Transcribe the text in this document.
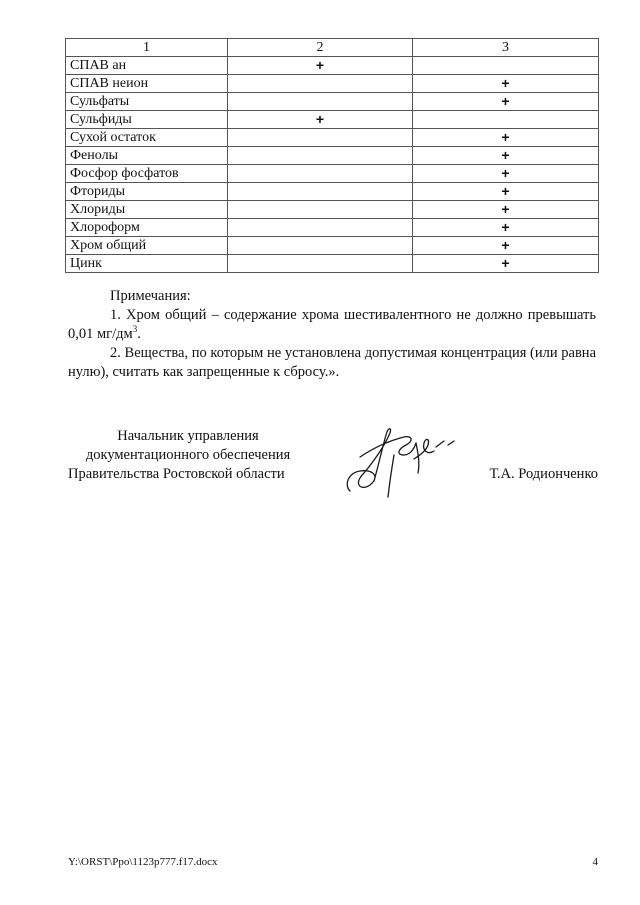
1	2	3
СПАВ ан	+	
СПАВ неион		+
Сульфаты		+
Сульфиды	+	
Сухой остаток		+
Фенолы		+
Фосфор фосфатов		+
Фториды		+
Хлориды		+
Хлороформ		+
Хром общий		+
Цинк		+

Примечания:

1. Хром общий – содержание хрома шестивалентного не должно превышать 0,01 $мг/дм^3$.

2. Вещества, по которым не установлена допустимая концентрация (или равна нулю), считать как запрещенные к сбросу.».

Начальник управления
документационного обеспечения
Правительства Ростовской области	Т.А. Родионченко
Y:\ORST\Ppo\1123p777.f17.docx	4
